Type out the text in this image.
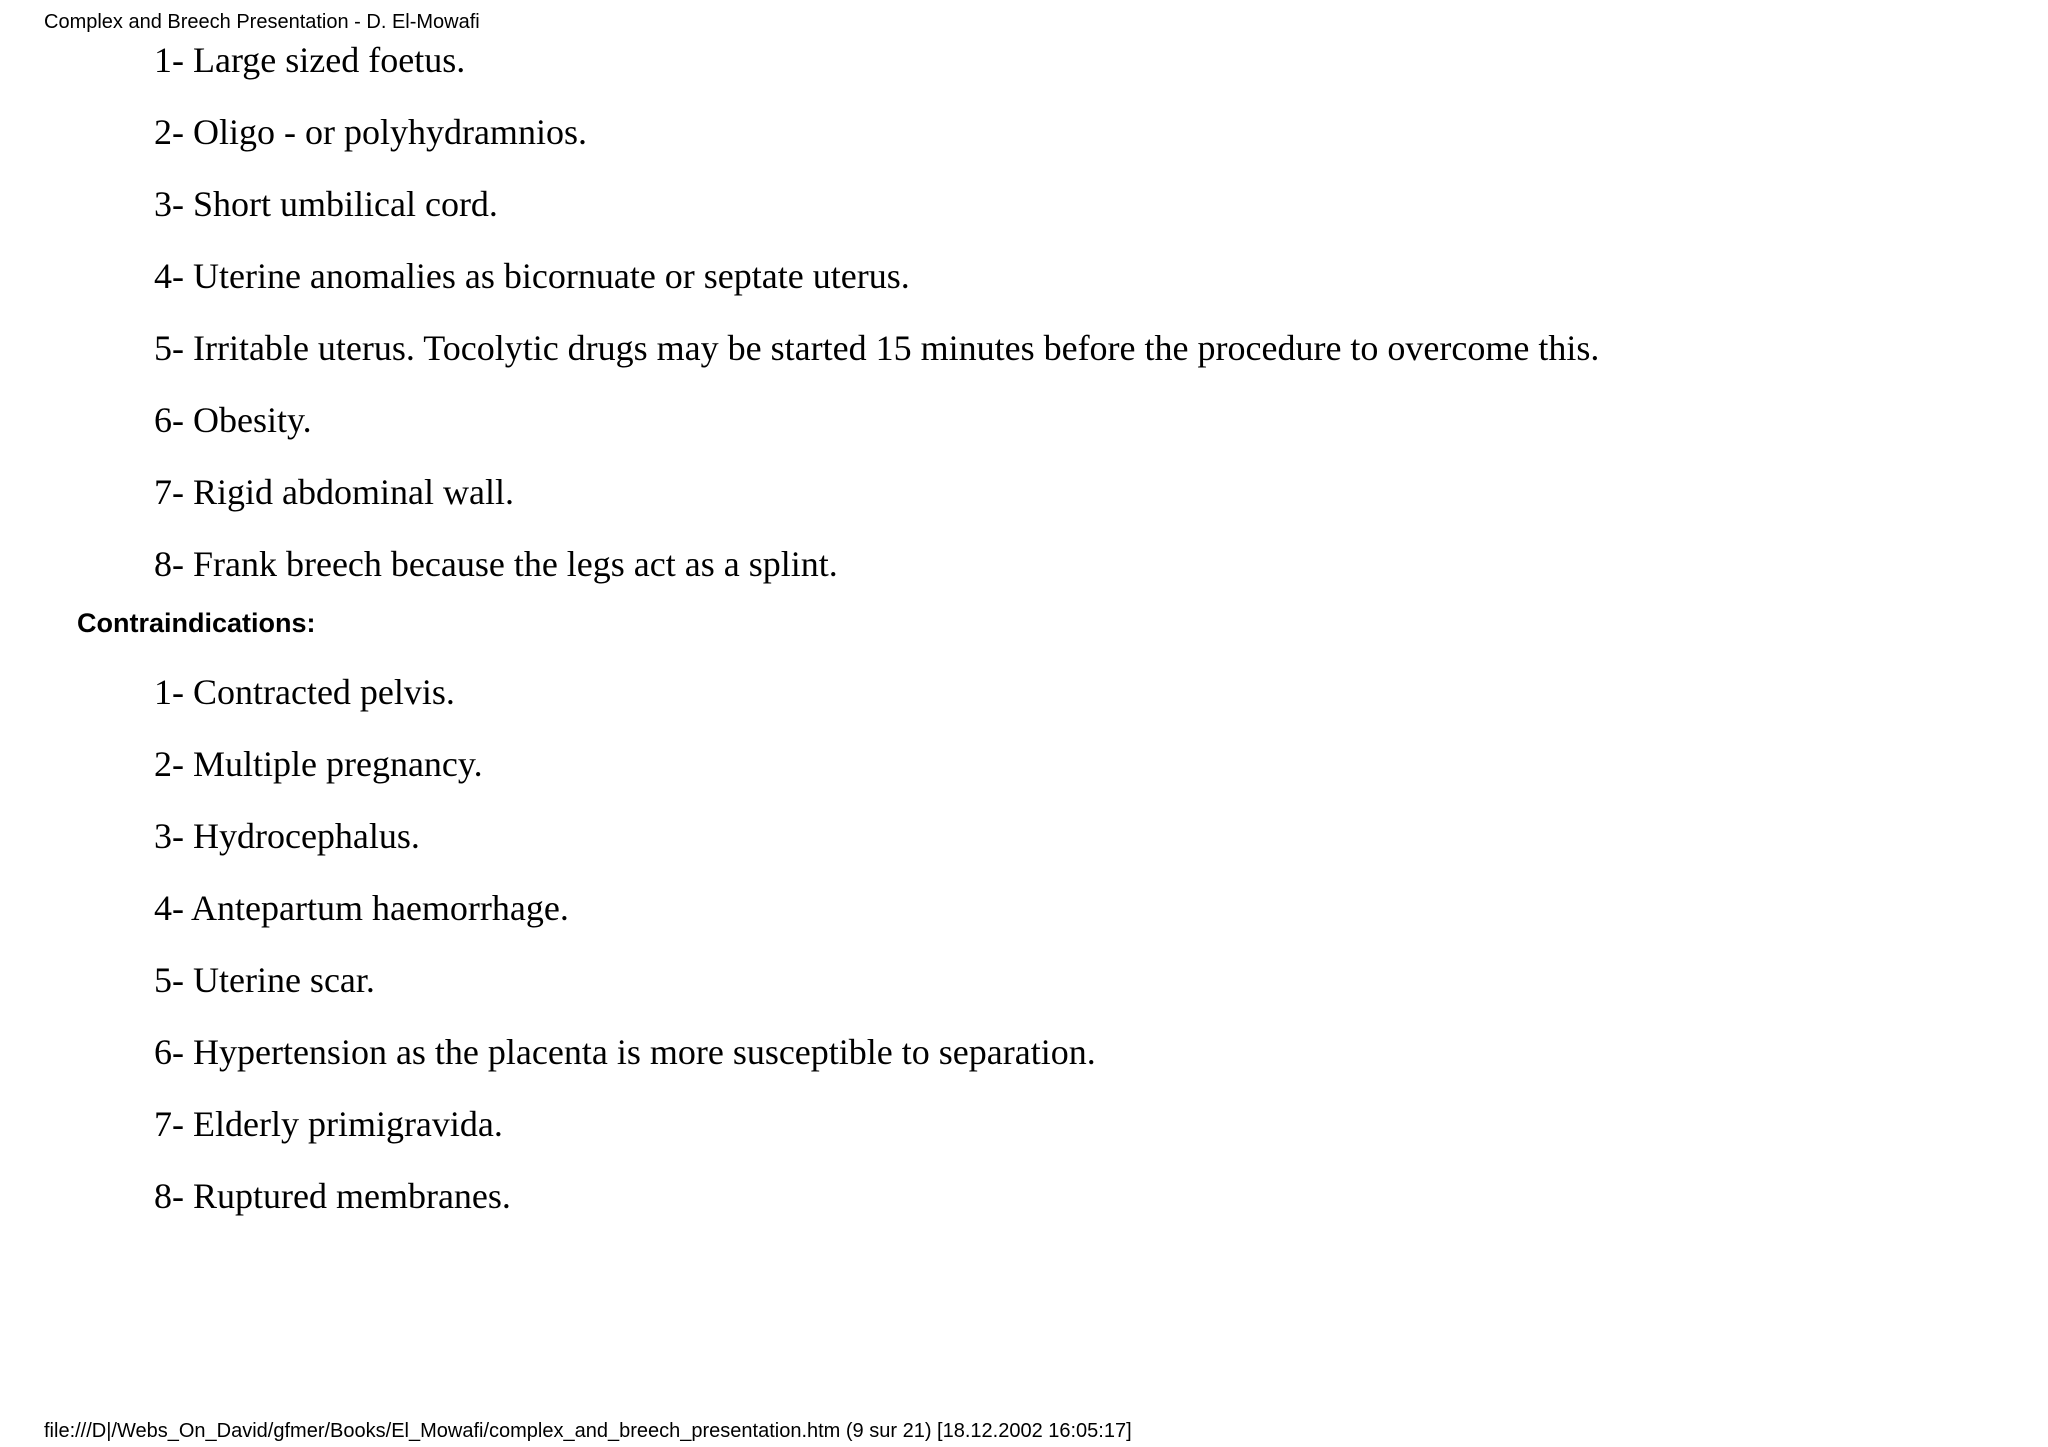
Complex and Breech Presentation - D. El-Mowafi
1- Large sized foetus.
2- Oligo - or polyhydramnios.
3- Short umbilical cord.
4- Uterine anomalies as bicornuate or septate uterus.
5- Irritable uterus. Tocolytic drugs may be started 15 minutes before the procedure to overcome this.
6- Obesity.
7- Rigid abdominal wall.
8- Frank breech because the legs act as a splint.
Contraindications:
1- Contracted pelvis.
2- Multiple pregnancy.
3- Hydrocephalus.
4- Antepartum haemorrhage.
5- Uterine scar.
6- Hypertension as the placenta is more susceptible to separation.
7- Elderly primigravida.
8- Ruptured membranes.
file:///D|/Webs_On_David/gfmer/Books/El_Mowafi/complex_and_breech_presentation.htm (9 sur 21) [18.12.2002 16:05:17]
